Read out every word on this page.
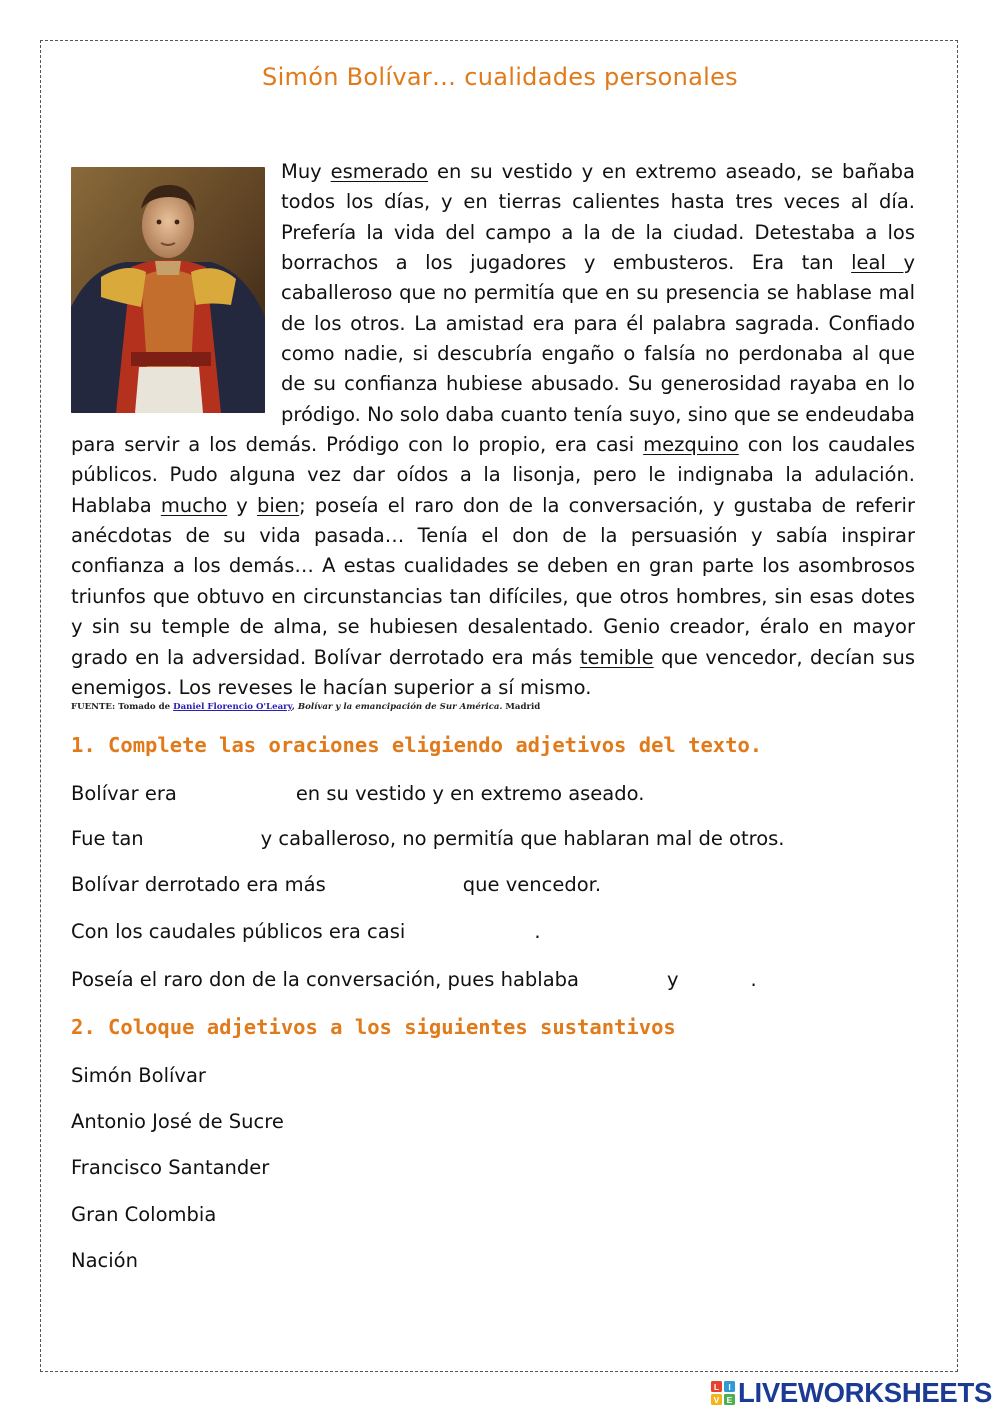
Simón Bolívar… cualidades personales

Muy esmerado en su vestido y en extremo aseado, se bañaba todos los días, y en tierras calientes hasta tres veces al día. Prefería la vida del campo a la de la ciudad. Detestaba a los borrachos a los jugadores y embusteros. Era tan leal y caballeroso que no permitía que en su presencia se hablase mal de los otros. La amistad era para él palabra sagrada. Confiado como nadie, si descubría engaño o falsía no perdonaba al que de su confianza hubiese abusado. Su generosidad rayaba en lo pródigo. No solo daba cuanto tenía suyo, sino que se endeudaba para servir a los demás. Pródigo con lo propio, era casi mezquino con los caudales públicos. Pudo alguna vez dar oídos a la lisonja, pero le indignaba la adulación. Hablaba mucho y bien; poseía el raro don de la conversación, y gustaba de referir anécdotas de su vida pasada… Tenía el don de la persuasión y sabía inspirar confianza a los demás… A estas cualidades se deben en gran parte los asombrosos triunfos que obtuvo en circunstancias tan difíciles, que otros hombres, sin esas dotes y sin su temple de alma, se hubiesen desalentado. Genio creador, éralo en mayor grado en la adversidad. Bolívar derrotado era más temible que vencedor, decían sus enemigos. Los reveses le hacían superior a sí mismo.

FUENTE: Tomado de Daniel Florencio O'Leary, Bolívar y la emancipación de Sur América. Madrid
1. Complete las oraciones eligiendo adjetivos del texto.
Bolívar era	en su vestido y en extremo aseado.
Fue tan	y caballeroso, no permitía que hablaran mal de otros.
Bolívar derrotado era más	que vencedor.
Con los caudales públicos era casi	.
Poseía el raro don de la conversación, pues hablaba	y	.
2. Coloque adjetivos a los siguientes sustantivos
Simón Bolívar
Antonio José de Sucre
Francisco Santander
Gran Colombia
Nación
L I
V E LIVEWORKSHEETS
